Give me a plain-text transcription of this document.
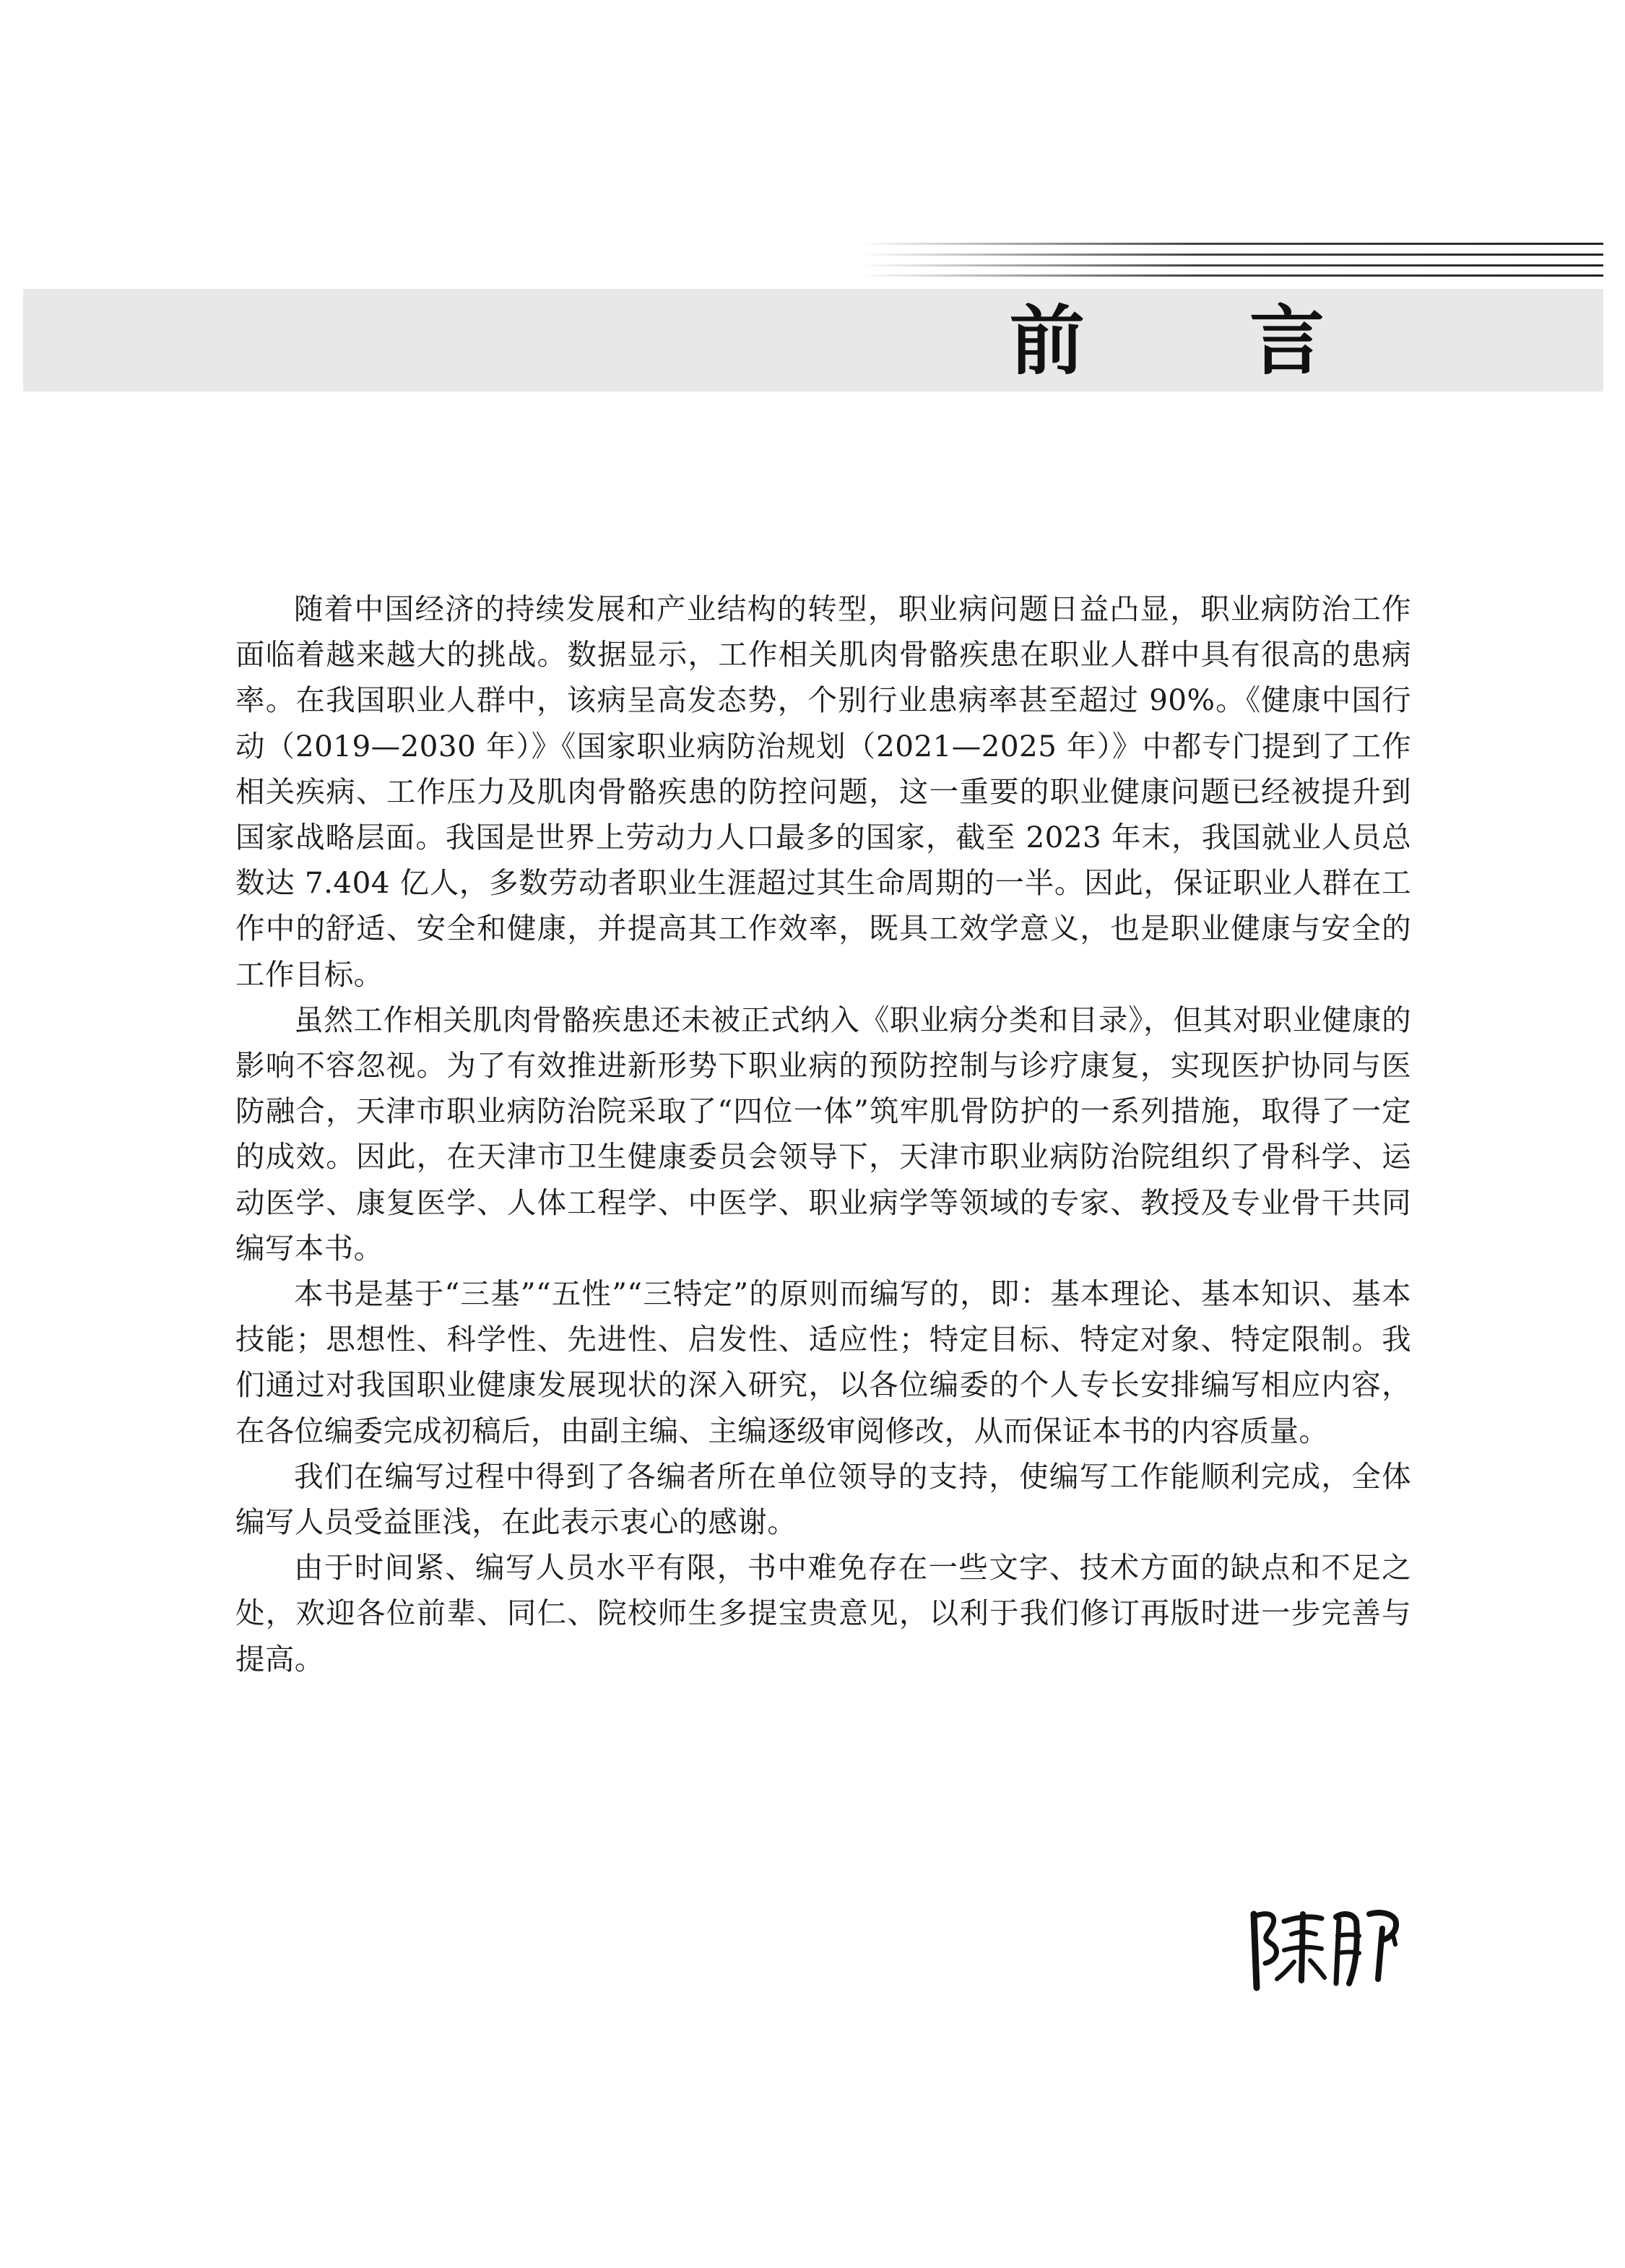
前 言

随着中国经济的持续发展和产业结构的转型，职业病问题日益凸显，职业病防治工作面临着越来越大的挑战。数据显示，工作相关肌肉骨骼疾患在职业人群中具有很高的患病率。在我国职业人群中，该病呈高发态势，个别行业患病率甚至超过 90%。《健康中国行动（2019—2030 年）》《国家职业病防治规划（2021—2025 年）》中都专门提到了工作相关疾病、工作压力及肌肉骨骼疾患的防控问题，这一重要的职业健康问题已经被提升到国家战略层面。我国是世界上劳动力人口最多的国家，截至 2023 年末，我国就业人员总数达 7.404 亿人，多数劳动者职业生涯超过其生命周期的一半。因此，保证职业人群在工作中的舒适、安全和健康，并提高其工作效率，既具工效学意义，也是职业健康与安全的工作目标。

虽然工作相关肌肉骨骼疾患还未被正式纳入《职业病分类和目录》，但其对职业健康的影响不容忽视。为了有效推进新形势下职业病的预防控制与诊疗康复，实现医护协同与医防融合，天津市职业病防治院采取了“四位一体”筑牢肌骨防护的一系列措施，取得了一定的成效。因此，在天津市卫生健康委员会领导下，天津市职业病防治院组织了骨科学、运动医学、康复医学、人体工程学、中医学、职业病学等领域的专家、教授及专业骨干共同编写本书。

本书是基于“三基”“五性”“三特定”的原则而编写的，即：基本理论、基本知识、基本技能；思想性、科学性、先进性、启发性、适应性；特定目标、特定对象、特定限制。我们通过对我国职业健康发展现状的深入研究，以各位编委的个人专长安排编写相应内容，在各位编委完成初稿后，由副主编、主编逐级审阅修改，从而保证本书的内容质量。

我们在编写过程中得到了各编者所在单位领导的支持，使编写工作能顺利完成，全体编写人员受益匪浅，在此表示衷心的感谢。

由于时间紧、编写人员水平有限，书中难免存在一些文字、技术方面的缺点和不足之处，欢迎各位前辈、同仁、院校师生多提宝贵意见，以利于我们修订再版时进一步完善与提高。
